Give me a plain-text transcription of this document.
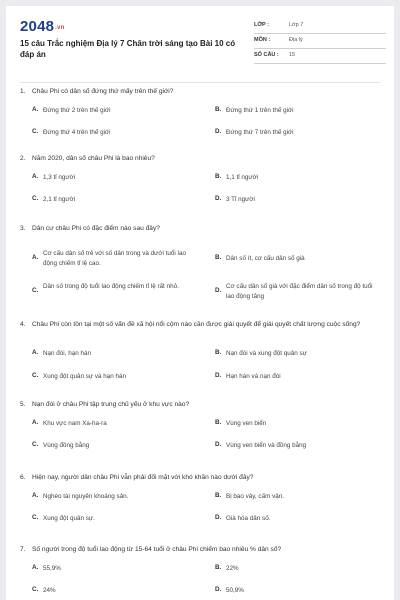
2048.vn
15 câu Trắc nghiệm Địa lý 7 Chân trời sáng tạo Bài 10 có đáp án
LỚP :	Lớp 7
MÔN :	Địa lý
SỐ CÂU : 15
1. Châu Phi có dân số đứng thứ mấy trên thế giới?
A. Đứng thứ 2 trên thế giới	B. Đứng thứ 1 trên thế giới
C. Đứng thứ 4 trên thế giới	D. Đứng thứ 7 trên thế giới
2. Năm 2020, dân số châu Phi là bao nhiêu?
A. 1,3 tỉ người	B. 1,1 tỉ người
C. 2,1 tỉ người	D. 3 Tỉ người
3. Dân cư châu Phi có đặc điểm nào sau đây?
A.
Cơ cấu dân số trẻ với số dân trong và dưới tuổi lao động chiếm tỉ lệ cao.
B. Dân số ít, cơ cấu dân số già
C.
Dân số trong độ tuổi lao động chiếm tỉ lệ rất nhỏ.
D.
Cơ cấu dân số già với đặc điểm dân số trong độ tuổi lao động tăng
4. Châu Phi còn tồn tại một số vấn đề xã hội nổi cộm nào cần được giải quyết để giải quyết chất lượng cuộc sống?
A. Nạn đói, hạn hán	B. Nạn đói và xung đột quân sự
C. Xung đột quân sự và hạn hán	D. Hạn hán và nạn đói
5. Nạn đói ở châu Phi tập trung chủ yếu ở khu vực nào?
A. Khu vực nam Xa-ha-ra	B. Vùng ven biển
C. Vùng đồng bằng	D. Vùng ven biển và đồng bằng
6. Hiện nay, người dân châu Phi vẫn phải đối mặt với khó khăn nào dưới đây?
A. Nghèo tài nguyên khoáng sản.	B. Bị bao vây, cấm vận.
C. Xung đột quân sự.	D. Già hóa dân số.
7. Số người trong độ tuổi lao động từ 15-64 tuổi ở châu Phi chiếm bao nhiêu % dân số?
A. 55,9%	B. 22%
C. 24%	D. 50,9%
